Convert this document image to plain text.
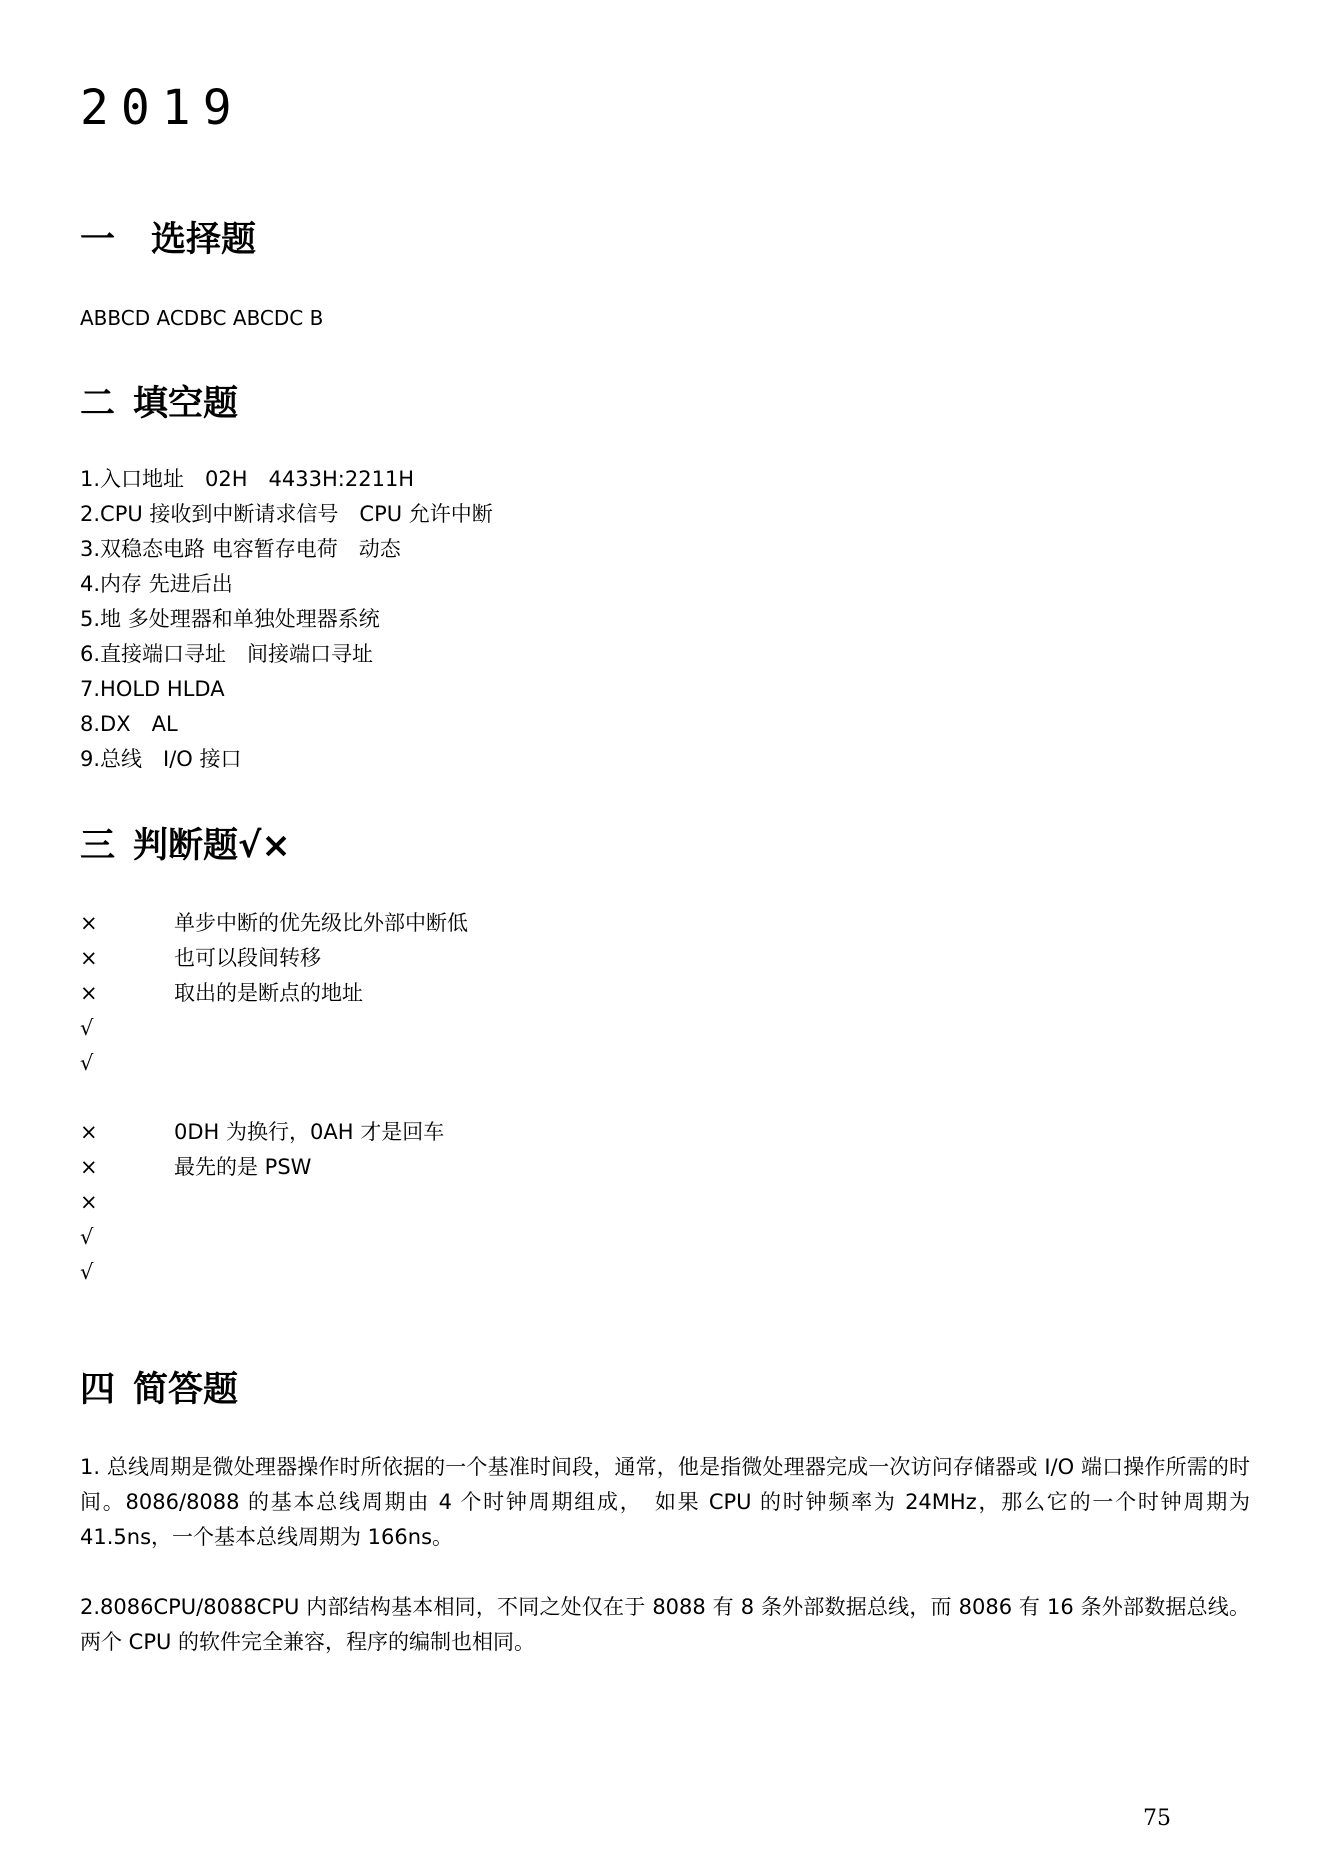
2019
一 选择题

ABBCD ACDBC ABCDC B

二 填空题
1.入口地址　02H　4433H:2211H
2.CPU 接收到中断请求信号　CPU 允许中断
3.双稳态电路 电容暂存电荷　动态
4.内存 先进后出
5.地 多处理器和单独处理器系统
6.直接端口寻址　间接端口寻址
7.HOLD HLDA
8.DX　AL
9.总线　I/O 接口
三 判断题√×
×	单步中断的优先级比外部中断低
×	也可以段间转移
×	取出的是断点的地址
√
√
×	0DH 为换行，0AH 才是回车
×	最先的是 PSW
×
√
√
四 简答题

1. 总线周期是微处理器操作时所依据的一个基准时间段，通常，他是指微处理器完成一次访问存储器或 I/O 端口操作所需的时间。8086/8088 的基本总线周期由 4 个时钟周期组成，　如果 CPU 的时钟频率为 24MHz，那么它的一个时钟周期为 41.5ns，一个基本总线周期为 166ns。

2.8086CPU/8088CPU 内部结构基本相同，不同之处仅在于 8088 有 8 条外部数据总线，而 8086 有 16 条外部数据总线。两个 CPU 的软件完全兼容，程序的编制也相同。

75
